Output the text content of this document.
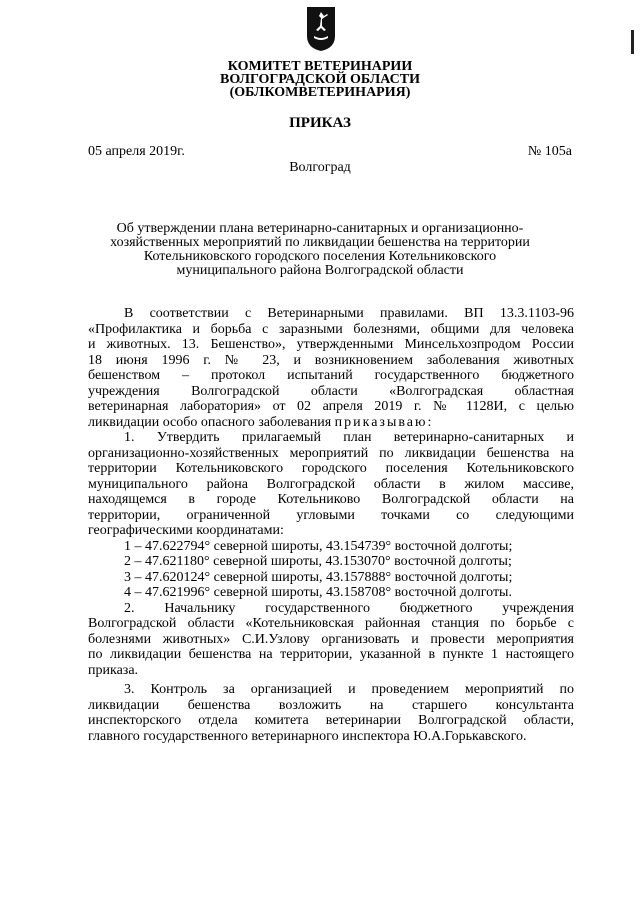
КОМИТЕТ ВЕТЕРИНАРИИ
ВОЛГОГРАДСКОЙ ОБЛАСТИ
(ОБЛКОМВЕТЕРИНАРИЯ)
ПРИКАЗ
05 апреля 2019г.	№ 105а
Волгоград
Об утверждении плана ветеринарно-санитарных и организационно-
хозяйственных мероприятий по ликвидации бешенства на территории
Котельниковского городского поселения Котельниковского
муниципального района Волгоградской области
В соответствии с Ветеринарными правилами. ВП 13.3.1103-96
«Профилактика и борьба с заразными болезнями, общими для человека
и животных. 13. Бешенство», утвержденными Минсельхозпродом России
18 июня 1996 г. № 23, и возникновением заболевания животных
бешенством – протокол испытаний государственного бюджетного
учреждения Волгоградской области «Волгоградская областная
ветеринарная лаборатория» от 02 апреля 2019 г. № 1128И, с целью
ликвидации особо опасного заболевания приказываю:
1. Утвердить прилагаемый план ветеринарно-санитарных и
организационно-хозяйственных мероприятий по ликвидации бешенства на
территории Котельниковского городского поселения Котельниковского
муниципального района Волгоградской области в жилом массиве,
находящемся в городе Котельниково Волгоградской области на
территории, ограниченной угловыми точками со следующими
географическими координатами:
1 – 47.622794° северной широты, 43.154739° восточной долготы;
2 – 47.621180° северной широты, 43.153070° восточной долготы;
3 – 47.620124° северной широты, 43.157888° восточной долготы;
4 – 47.621996° северной широты, 43.158708° восточной долготы.
2. Начальнику государственного бюджетного учреждения
Волгоградской области «Котельниковская районная станция по борьбе с
болезнями животных» С.И.Узлову организовать и провести мероприятия
по ликвидации бешенства на территории, указанной в пункте 1 настоящего
приказа.
3. Контроль за организацией и проведением мероприятий по
ликвидации бешенства возложить на старшего консультанта
инспекторского отдела комитета ветеринарии Волгоградской области,
главного государственного ветеринарного инспектора Ю.А.Горькавского.
